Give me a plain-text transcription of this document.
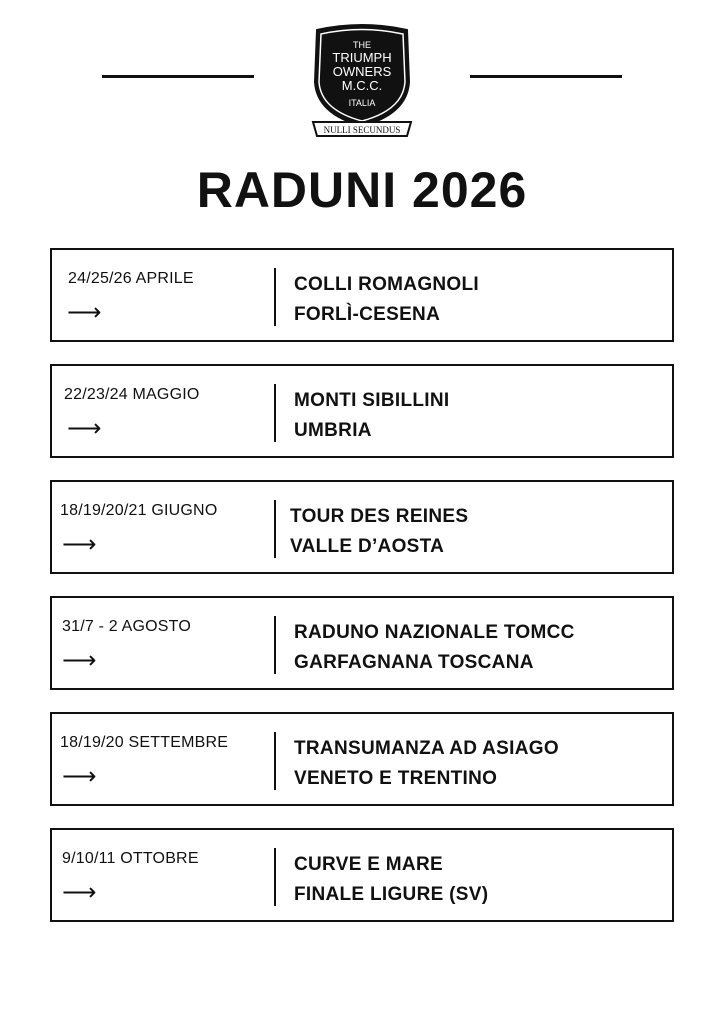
THE
TRIUMPH
OWNERS
M.C.C.
ITALIA
NULLI SECUNDUS
RADUNI 2026
24/25/26 APRILE
⟶
COLLI ROMAGNOLI
FORLÌ-CESENA
22/23/24 MAGGIO
⟶
MONTI SIBILLINI
UMBRIA
18/19/20/21 GIUGNO
⟶
TOUR DES REINES
VALLE D’AOSTA
31/7 - 2 AGOSTO
⟶
RADUNO NAZIONALE TOMCC
GARFAGNANA TOSCANA
18/19/20 SETTEMBRE
⟶
TRANSUMANZA AD ASIAGO
VENETO E TRENTINO
9/10/11 OTTOBRE
⟶
CURVE E MARE
FINALE LIGURE (SV)
